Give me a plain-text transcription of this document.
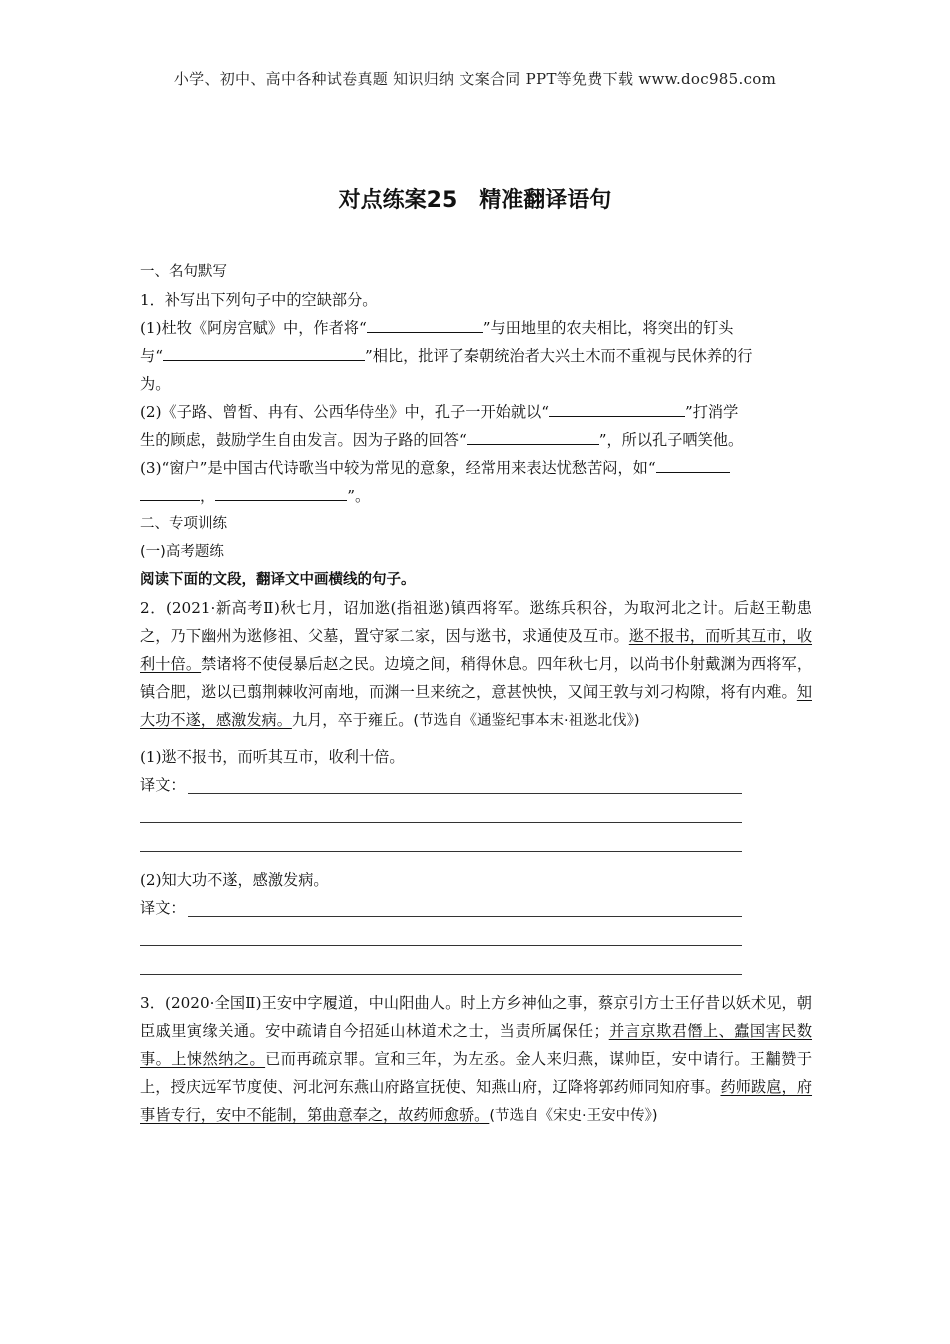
小学、初中、高中各种试卷真题 知识归纳 文案合同 PPT等免费下载 www.doc985.com
对点练案25 精准翻译语句
一、名句默写
1．补写出下列句子中的空缺部分。
(1)杜牧《阿房宫赋》中，作者将“	”与田地里的农夫相比，将突出的钉头
与“	”相比，批评了秦朝统治者大兴土木而不重视与民休养的行
为。
(2)《子路、曾皙、冉有、公西华侍坐》中，孔子一开始就以“	”打消学
生的顾虑，鼓励学生自由发言。因为子路的回答“	”，所以孔子哂笑他。
(3)“窗户”是中国古代诗歌当中较为常见的意象，经常用来表达忧愁苦闷，如“
，	”。
二、专项训练
(一)高考题练
阅读下面的文段，翻译文中画横线的句子。
2．(2021·新高考Ⅱ)秋七月，诏加逖(指祖逖)镇西将军。逖练兵积谷，为取河北之计。后赵王勒患之，乃下幽州为逖修祖、父墓，置守冢二家，因与逖书，求通使及互市。逖不报书，而听其互市，收利十倍。禁诸将不使侵暴后赵之民。边境之间，稍得休息。四年秋七月，以尚书仆射戴渊为西将军，镇合肥，逖以已翦荆棘收河南地，而渊一旦来统之，意甚怏怏，又闻王敦与刘刁构隙，将有内难。知大功不遂，感激发病。九月，卒于雍丘。(节选自《通鉴纪事本末·祖逖北伐》)
(1)逖不报书，而听其互市，收利十倍。
译文：
(2)知大功不遂，感激发病。
译文：
3．(2020·全国Ⅱ)王安中字履道，中山阳曲人。时上方乡神仙之事，蔡京引方士王仔昔以妖术见，朝臣戚里寅缘关通。安中疏请自今招延山林道术之士，当责所属保任；并言京欺君僭上、蠹国害民数事。上悚然纳之。已而再疏京罪。宣和三年，为左丞。金人来归燕，谋帅臣，安中请行。王黼赞于上，授庆远军节度使、河北河东燕山府路宣抚使、知燕山府，辽降将郭药师同知府事。药师跋扈，府事皆专行，安中不能制，第曲意奉之，故药师愈骄。(节选自《宋史·王安中传》)
